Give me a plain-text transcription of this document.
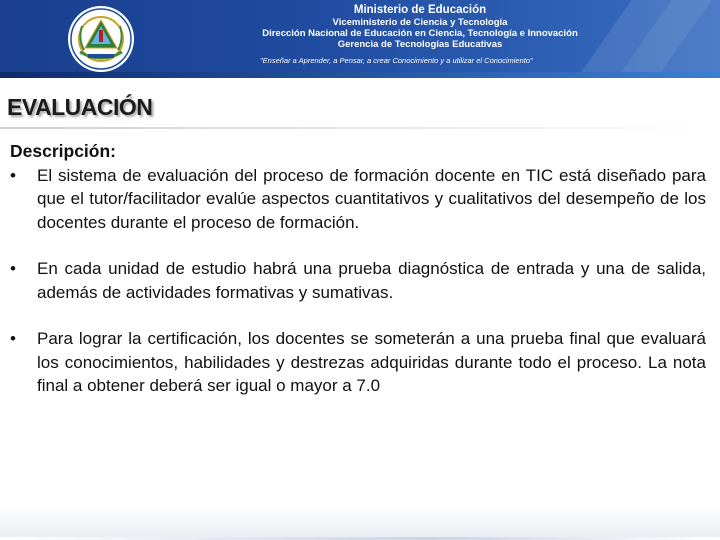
Ministerio de Educación
Viceministerio de Ciencia y Tecnología
Dirección Nacional de Educación en Ciencia, Tecnología e Innovación
Gerencia de Tecnologías Educativas
"Enseñar a Aprender, a Pensar, a crear Conocimiento y a utilizar el Conocimiento"
EVALUACIÓN
Descripción:
• El sistema de evaluación del proceso de formación docente en TIC está diseñado para que el tutor/facilitador evalúe aspectos cuantitativos y cualitativos del desempeño de los docentes durante el proceso de formación.
• En cada unidad de estudio habrá una prueba diagnóstica de entrada y una de salida, además de actividades formativas y sumativas.
• Para lograr la certificación, los docentes se someterán a una prueba final que evaluará los conocimientos, habilidades y destrezas adquiridas durante todo el proceso. La nota final a obtener deberá ser igual o mayor a 7.0
